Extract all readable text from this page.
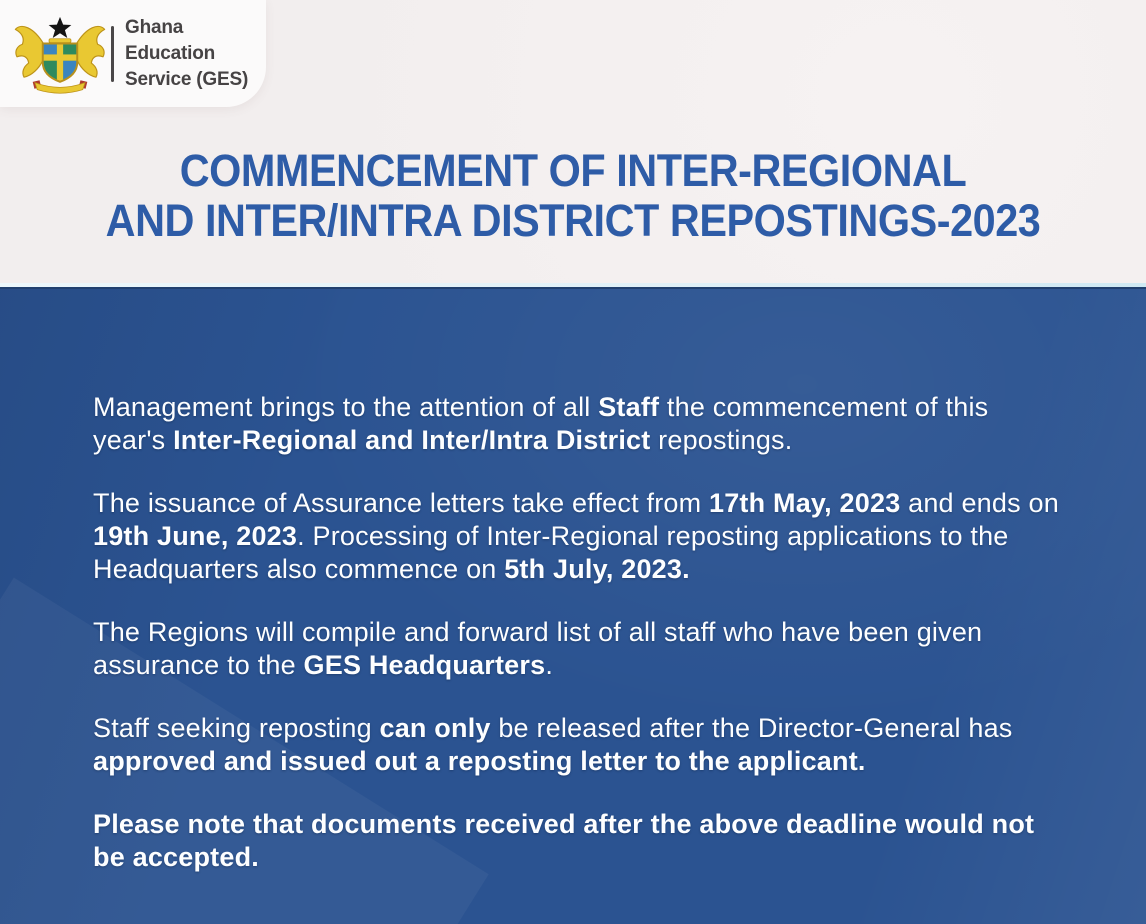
Ghana Education
Service (GES)
COMMENCEMENT OF INTER-REGIONAL
AND INTER/INTRA DISTRICT REPOSTINGS-2023

Management brings to the attention of all Staff the commencement of this year's Inter-Regional and Inter/Intra District repostings.

The issuance of Assurance letters take effect from 17th May, 2023 and ends on 19th June, 2023. Processing of Inter-Regional reposting applications to the Headquarters also commence on 5th July, 2023.

The Regions will compile and forward list of all staff who have been given assurance to the GES Headquarters.

Staff seeking reposting can only be released after the Director-General has approved and issued out a reposting letter to the applicant.

Please note that documents received after the above deadline would not be accepted.
